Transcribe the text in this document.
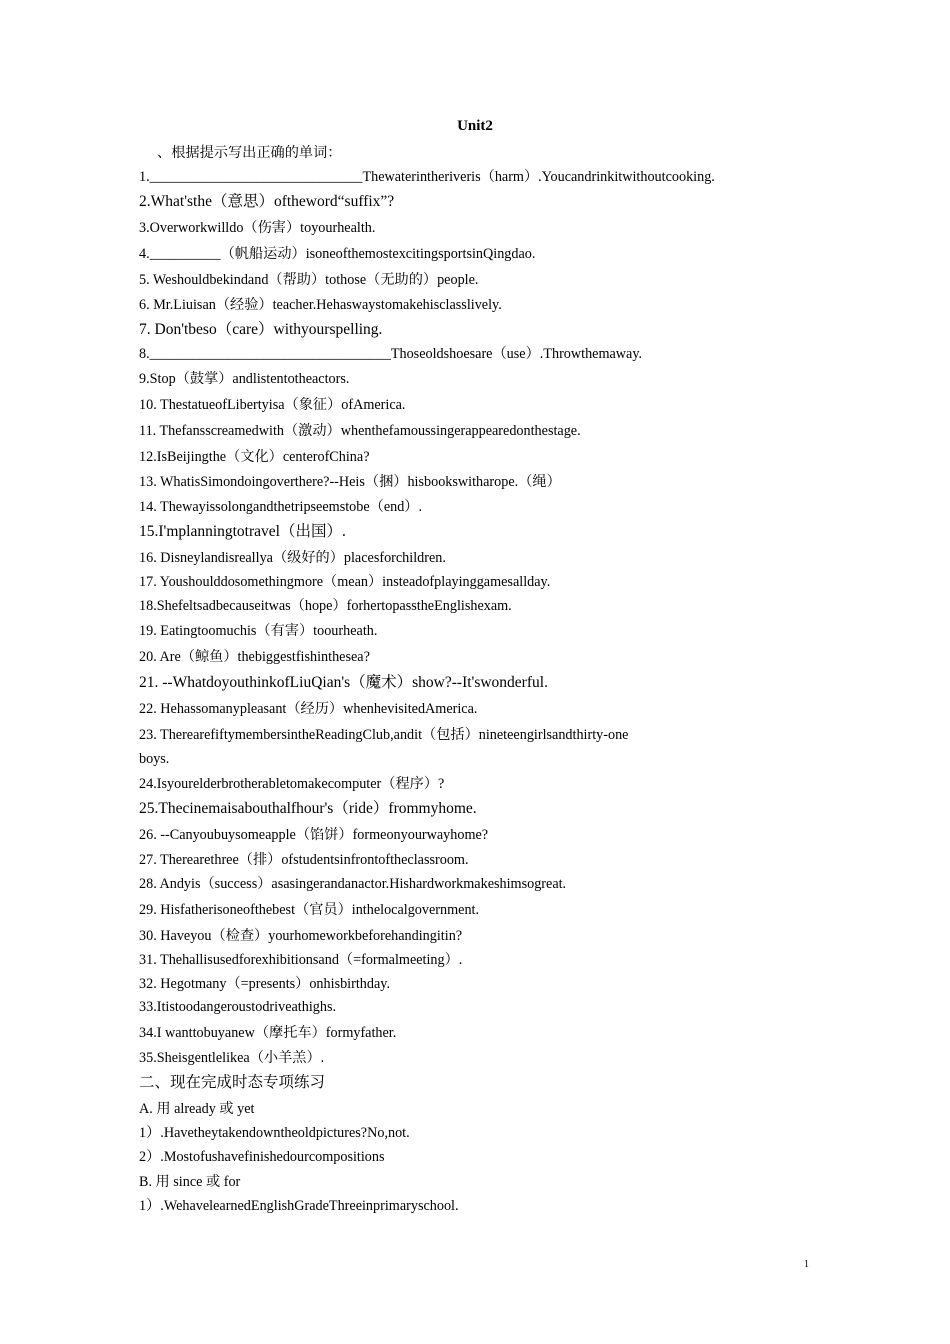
Unit2
、根据提示写出正确的单词：
1.______________________________Thewaterintheriveris（harm）.Youcandrinkitwithoutcooking.
2.What'sthe（意思）oftheword“suffix”?
3.Overworkwilldo（伤害）toyourhealth.
4.__________（帆船运动）isoneofthemostexcitingsportsinQingdao.
5. Weshouldbekindand（帮助）tothose（无助的）people.
6. Mr.Liuisan（经验）teacher.Hehaswaystomakehisclasslively.
7. Don'tbeso（care）withyourspelling.
8.__________________________________Thoseoldshoesare（use）.Throwthemaway.
9.Stop（鼓掌）andlistentotheactors.
10. ThestatueofLibertyisa（象征）ofAmerica.
11. Thefansscreamedwith（激动）whenthefamoussingerappearedonthestage.
12.IsBeijingthe（文化）centerofChina?
13. WhatisSimondoingoverthere?--Heis（捆）hisbookswitharope.（绳）
14. Thewayissolongandthetripseemstobe（end）.
15.I'mplanningtotravel（出国）.
16. Disneylandisreallya（级好的）placesforchildren.
17. Youshoulddosomethingmore（mean）insteadofplayinggamesallday.
18.Shefeltsadbecauseitwas（hope）forhertopasstheEnglishexam.
19. Eatingtoomuchis（有害）toourheath.
20. Are（鲸鱼）thebiggestfishinthesea?
21. --WhatdoyouthinkofLiuQian's（魔术）show?--It'swonderful.
22. Hehassomanypleasant（经历）whenhevisitedAmerica.
23. TherearefiftymembersintheReadingClub,andit（包括）nineteengirlsandthirty-one
boys.
24.Isyourelderbrotherabletomakecomputer（程序）?
25.Thecinemaisabouthalfhour's（ride）frommyhome.
26. --Canyoubuysomeapple（馅饼）formeonyourwayhome?
27. Therearethree（排）ofstudentsinfrontoftheclassroom.
28. Andyis（success）asasingerandanactor.Hishardworkmakeshimsogreat.
29. Hisfatherisoneofthebest（官员）inthelocalgovernment.
30. Haveyou（检查）yourhomeworkbeforehandingitin?
31. Thehallisusedforexhibitionsand（=formalmeeting）.
32. Hegotmany（=presents）onhisbirthday.
33.Itistoodangeroustodriveathighs.
34.I wanttobuyanew（摩托车）formyfather.
35.Sheisgentlelikea（小羊羔）.
二、现在完成时态专项练习
A. 用 already 或 yet
1）.Havetheytakendowntheoldpictures?No,not.
2）.Mostofushavefinishedourcompositions
B. 用 since 或 for
1）.WehavelearnedEnglishGradeThreeinprimaryschool.
1
